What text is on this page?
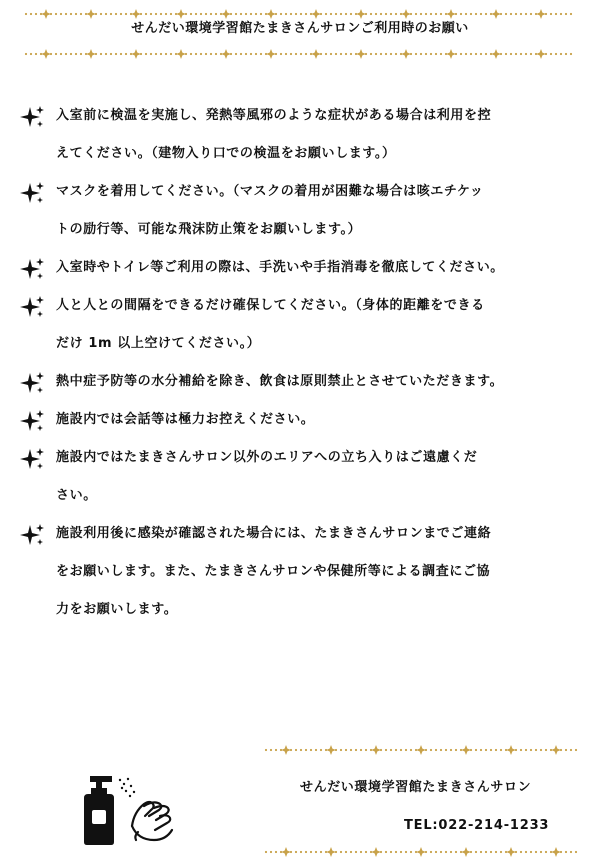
せんだい環境学習館たまきさんサロンご利用時のお願い
入室前に検温を実施し、発熱等風邪のような症状がある場合は利用を控
えてください。（建物入り口での検温をお願いします。）
マスクを着用してください。（マスクの着用が困難な場合は咳エチケッ
トの励行等、可能な飛沫防止策をお願いします。）
入室時やトイレ等ご利用の際は、手洗いや手指消毒を徹底してください。
人と人との間隔をできるだけ確保してください。（身体的距離をできる
だけ 1m 以上空けてください。）
熱中症予防等の水分補給を除き、飲食は原則禁止とさせていただきます。
施設内では会話等は極力お控えください。
施設内ではたまきさんサロン以外のエリアへの立ち入りはご遠慮くだ
さい。
施設利用後に感染が確認された場合には、たまきさんサロンまでご連絡
をお願いします。また、たまきさんサロンや保健所等による調査にご協
力をお願いします。
せんだい環境学習館たまきさんサロン
TEL:022-214-1233
